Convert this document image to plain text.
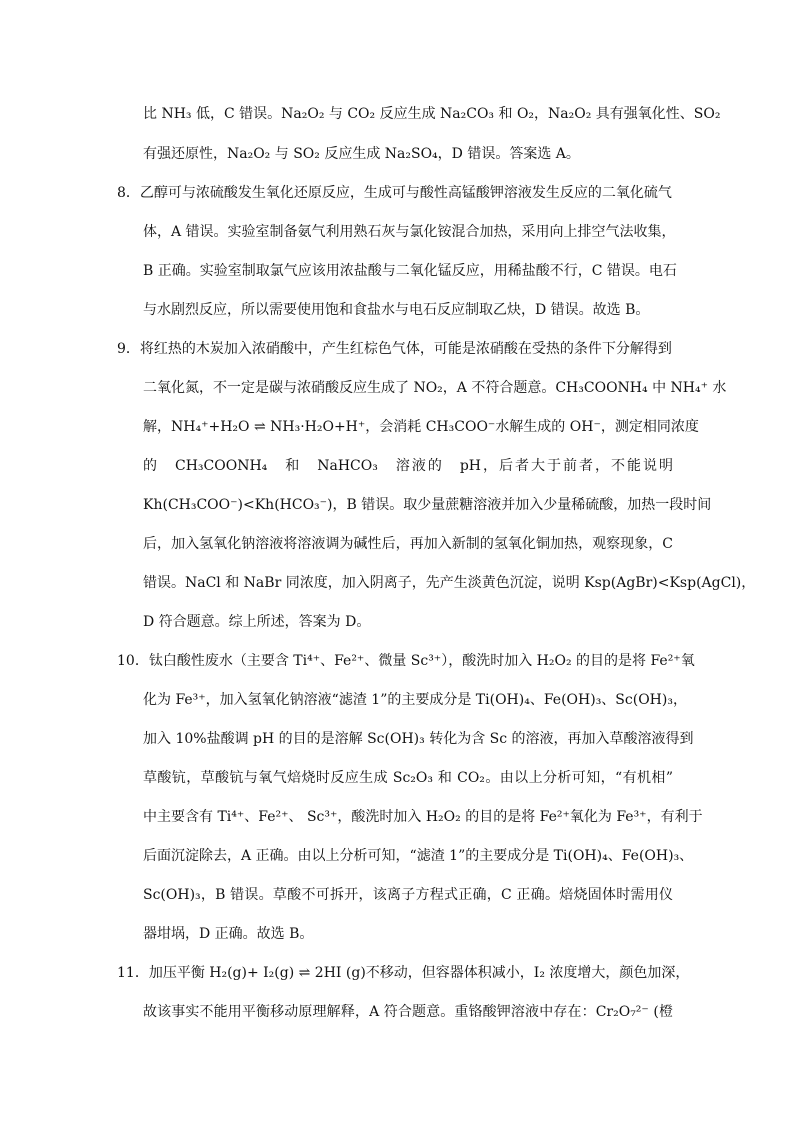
比 NH₃ 低，C 错误。Na₂O₂ 与 CO₂ 反应生成 Na₂CO₃ 和 O₂，Na₂O₂ 具有强氧化性、SO₂
有强还原性，Na₂O₂ 与 SO₂ 反应生成 Na₂SO₄，D 错误。答案选 A。
8．乙醇可与浓硫酸发生氧化还原反应，生成可与酸性高锰酸钾溶液发生反应的二氧化硫气
体，A 错误。实验室制备氨气利用熟石灰与氯化铵混合加热，采用向上排空气法收集，
B 正确。实验室制取氯气应该用浓盐酸与二氧化锰反应，用稀盐酸不行，C 错误。电石
与水剧烈反应，所以需要使用饱和食盐水与电石反应制取乙炔，D 错误。故选 B。
9．将红热的木炭加入浓硝酸中，产生红棕色气体，可能是浓硝酸在受热的条件下分解得到
二氧化氮，不一定是碳与浓硝酸反应生成了 NO₂，A 不符合题意。CH₃COONH₄ 中 NH₄⁺ 水
解，NH₄⁺+H₂O ⇌ NH₃·H₂O+H⁺，会消耗 CH₃COO⁻水解生成的 OH⁻，测定相同浓度
的　CH₃COONH₄　和　NaHCO₃　溶液的　pH，后者大于前者，不能说明
Kh(CH₃COO⁻)<Kh(HCO₃⁻)，B 错误。取少量蔗糖溶液并加入少量稀硫酸，加热一段时间
后，加入氢氧化钠溶液将溶液调为碱性后，再加入新制的氢氧化铜加热，观察现象，C
错误。NaCl 和 NaBr 同浓度，加入阴离子，先产生淡黄色沉淀，说明 Ksp(AgBr)<Ksp(AgCl)，
D 符合题意。综上所述，答案为 D。
10．钛白酸性废水（主要含 Ti⁴⁺、Fe²⁺、微量 Sc³⁺），酸洗时加入 H₂O₂ 的目的是将 Fe²⁺氧
化为 Fe³⁺，加入氢氧化钠溶液“滤渣 1”的主要成分是 Ti(OH)₄、Fe(OH)₃、Sc(OH)₃，
加入 10%盐酸调 pH 的目的是溶解 Sc(OH)₃ 转化为含 Sc 的溶液，再加入草酸溶液得到
草酸钪，草酸钪与氧气焙烧时反应生成 Sc₂O₃ 和 CO₂。由以上分析可知，“有机相”
中主要含有 Ti⁴⁺、Fe²⁺、 Sc³⁺，酸洗时加入 H₂O₂ 的目的是将 Fe²⁺氧化为 Fe³⁺，有利于
后面沉淀除去，A 正确。由以上分析可知，“滤渣 1”的主要成分是 Ti(OH)₄、Fe(OH)₃、
Sc(OH)₃，B 错误。草酸不可拆开，该离子方程式正确，C 正确。焙烧固体时需用仪
器坩埚，D 正确。故选 B。
11．加压平衡 H₂(g)+ I₂(g) ⇌ 2HI (g)不移动，但容器体积减小，I₂ 浓度增大，颜色加深，
故该事实不能用平衡移动原理解释，A 符合题意。重铬酸钾溶液中存在：Cr₂O₇²⁻ (橙
